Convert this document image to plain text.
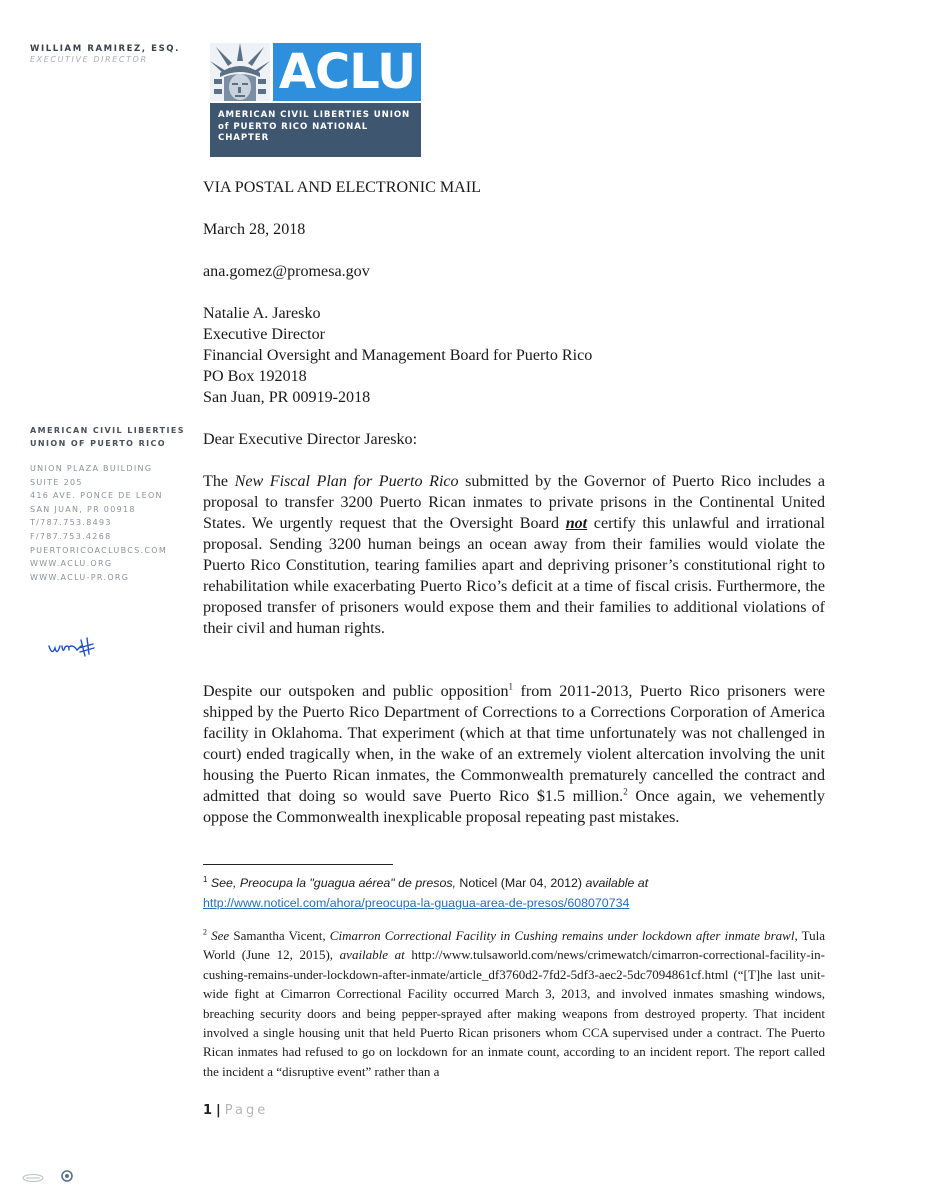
WILLIAM RAMIREZ, ESQ.
EXECUTIVE DIRECTOR	ACLU
AMERICAN CIVIL LIBERTIES UNION
of PUERTO RICO NATIONAL
CHAPTER
AMERICAN CIVIL LIBERTIES
UNION OF PUERTO RICO
UNION PLAZA BUILDING
SUITE 205
416 AVE. PONCE DE LEON
SAN JUAN, PR 00918
T/787.753.8493
F/787.753.4268
PUERTORICOACLUBCS.COM
WWW.ACLU.ORG
WWW.ACLU-PR.ORG
VIA POSTAL AND ELECTRONIC MAIL
March 28, 2018
ana.gomez@promesa.gov
Natalie A. Jaresko
Executive Director
Financial Oversight and Management Board for Puerto Rico
PO Box 192018
San Juan, PR 00919-2018
Dear Executive Director Jaresko:

The New Fiscal Plan for Puerto Rico submitted by the Governor of Puerto Rico includes a proposal to transfer 3200 Puerto Rican inmates to private prisons in the Continental United States. We urgently request that the Oversight Board not certify this unlawful and irrational proposal. Sending 3200 human beings an ocean away from their families would violate the Puerto Rico Constitution, tearing families apart and depriving prisoner’s constitutional right to rehabilitation while exacerbating Puerto Rico’s deficit at a time of fiscal crisis. Furthermore, the proposed transfer of prisoners would expose them and their families to additional violations of their civil and human rights.

Despite our outspoken and public opposition$^1$ from 2011-2013, Puerto Rico prisoners were shipped by the Puerto Rico Department of Corrections to a Corrections Corporation of America facility in Oklahoma. That experiment (which at that time unfortunately was not challenged in court) ended tragically when, in the wake of an extremely violent altercation involving the unit housing the Puerto Rican inmates, the Commonwealth prematurely cancelled the contract and admitted that doing so would save Puerto Rico $1.5 million.$^2$ Once again, we vehemently oppose the Commonwealth inexplicable proposal repeating past mistakes.

$^1$ See, Preocupa la "guagua aérea" de presos, Noticel (Mar 04, 2012) available at
http://www.noticel.com/ahora/preocupa-la-guagua-area-de-presos/608070734
$^2$ See Samantha Vicent, Cimarron Correctional Facility in Cushing remains under lockdown after inmate brawl, Tula World (June 12, 2015), available at http://www.tulsaworld.com/news/crimewatch/cimarron-correctional-facility-in-cushing-remains-under-lockdown-after-inmate/article_df3760d2-7fd2-5df3-aec2-5dc7094861cf.html (“[T]he last unit-wide fight at Cimarron Correctional Facility occurred March 3, 2013, and involved inmates smashing windows, breaching security doors and being pepper-sprayed after making weapons from destroyed property. That incident involved a single housing unit that held Puerto Rican prisoners whom CCA supervised under a contract. The Puerto Rican inmates had refused to go on lockdown for an inmate count, according to an incident report. The report called the incident a “disruptive event” rather than a
1 | Page
